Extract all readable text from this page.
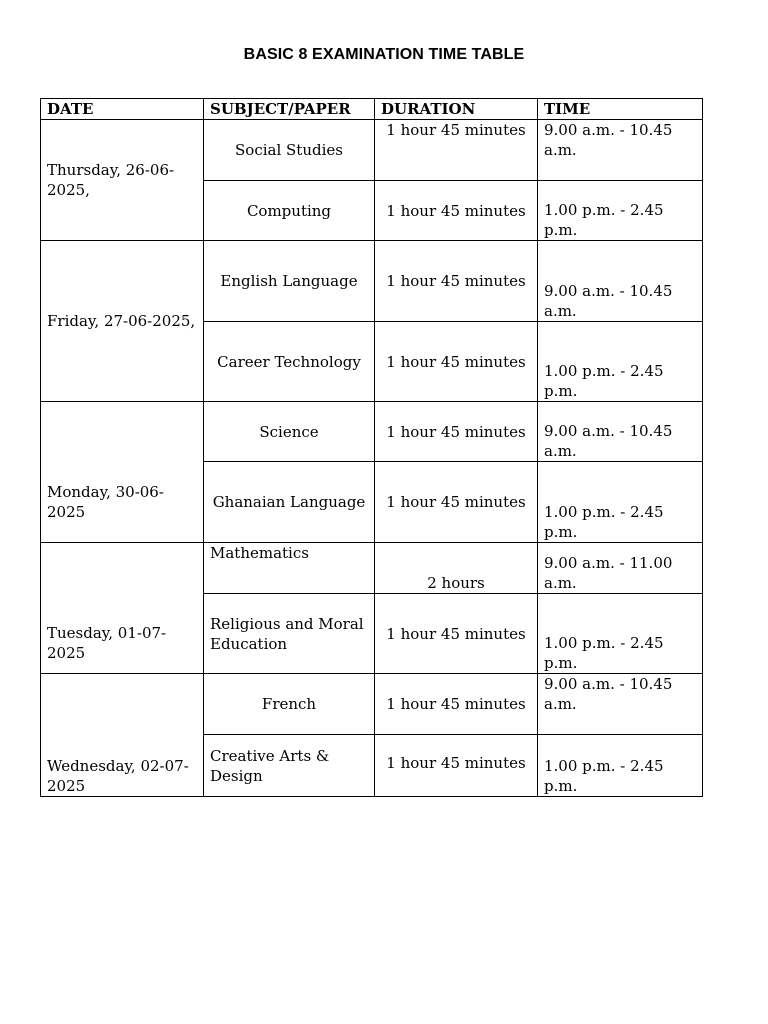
BASIC 8 EXAMINATION TIME TABLE
DATE	SUBJECT/PAPER	DURATION	TIME
Thursday, 26-06-2025,	Social Studies	1 hour 45 minutes	9.00 a.m. - 10.45 a.m.
	Computing	1 hour 45 minutes	1.00 p.m. - 2.45 p.m.
Friday, 27-06-2025,	English Language	1 hour 45 minutes	9.00 a.m. - 10.45 a.m.
	Career Technology	1 hour 45 minutes	1.00 p.m. - 2.45 p.m.
Monday, 30-06-2025	Science	1 hour 45 minutes	9.00 a.m. - 10.45 a.m.
	Ghanaian Language	1 hour 45 minutes	1.00 p.m. - 2.45 p.m.
Tuesday, 01-07-2025	Mathematics	2 hours	9.00 a.m. - 11.00 a.m.
	Religious and Moral Education	1 hour 45 minutes	1.00 p.m. - 2.45 p.m.
Wednesday, 02-07-2025	French	1 hour 45 minutes	9.00 a.m. - 10.45 a.m.
	Creative Arts & Design	1 hour 45 minutes	1.00 p.m. - 2.45 p.m.
